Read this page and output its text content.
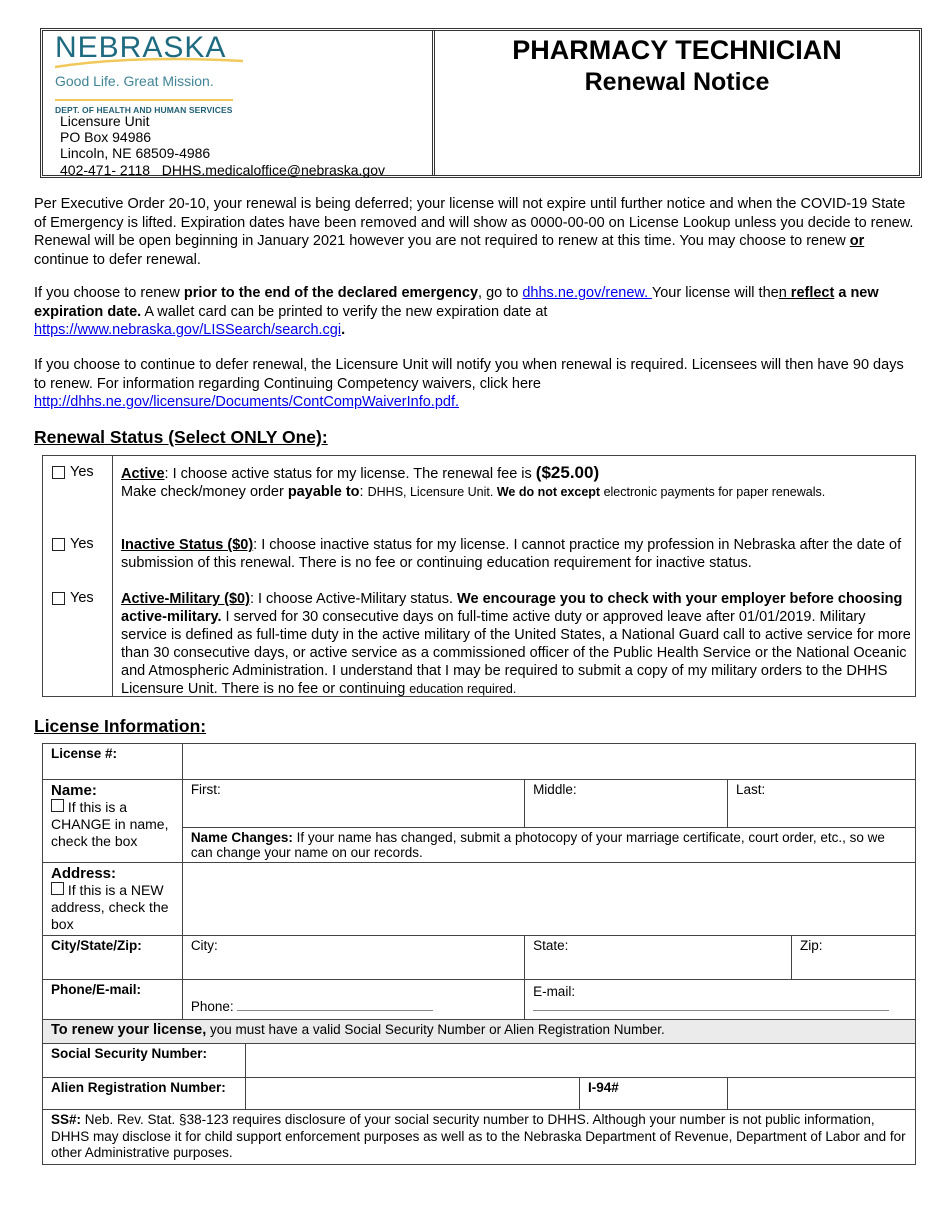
NEBRASKA
Good Life. Great Mission.
DEPT. OF HEALTH AND HUMAN SERVICES
Licensure Unit
PO Box 94986
Lincoln, NE 68509-4986
402-471- 2118 DHHS.medicaloffice@nebraska.gov
PHARMACY TECHNICIAN
Renewal Notice
Per Executive Order 20-10, your renewal is being deferred; your license will not expire until further notice and when the COVID-19 State of Emergency is lifted. Expiration dates have been removed and will show as 0000-00-00 on License Lookup unless you decide to renew. Renewal will be open beginning in January 2021 however you are not required to renew at this time. You may choose to renew or continue to defer renewal.
If you choose to renew prior to the end of the declared emergency, go to dhhs.ne.gov/renew. Your license will then reflect a new expiration date. A wallet card can be printed to verify the new expiration date at
https://www.nebraska.gov/LISSearch/search.cgi.
If you choose to continue to defer renewal, the Licensure Unit will notify you when renewal is required. Licensees will then have 90 days to renew. For information regarding Continuing Competency waivers, click here
http://dhhs.ne.gov/licensure/Documents/ContCompWaiverInfo.pdf.
Renewal Status (Select ONLY One):
Yes Active: I choose active status for my license. The renewal fee is ($25.00)
Make check/money order payable to: DHHS, Licensure Unit. We do not except electronic payments for paper renewals.
Yes Inactive Status ($0): I choose inactive status for my license. I cannot practice my profession in Nebraska after the date of submission of this renewal. There is no fee or continuing education requirement for inactive status.
Yes Active-Military ($0): I choose Active-Military status. We encourage you to check with your employer before choosing active-military. I served for 30 consecutive days on full-time active duty or approved leave after 01/01/2019. Military service is defined as full-time duty in the active military of the United States, a National Guard call to active service for more than 30 consecutive days, or active service as a commissioned officer of the Public Health Service or the National Oceanic and Atmospheric Administration. I understand that I may be required to submit a copy of my military orders to the DHHS Licensure Unit. There is no fee or continuing education required.
License Information:
License #:						

Name:
If this is a CHANGE in name, check the box	First:		Middle:		Last:	
	Name Changes: If your name has changed, submit a photocopy of your marriage certificate, court order, etc., so we can change your name on our records.					

Address:
If this is a NEW address, check the box						

City/State/Zip:	City:		State:			Zip:
Phone/E-mail:	Phone:		E-mail:			
To renew your license, you must have a valid Social Security Number or Alien Registration Number.						
Social Security Number:						
Alien Registration Number:				I-94#		
SS#: Neb. Rev. Stat. §38-123 requires disclosure of your social security number to DHHS. Although your number is not public information, DHHS may disclose it for child support enforcement purposes as well as to the Nebraska Department of Revenue, Department of Labor and for other Administrative purposes.						
